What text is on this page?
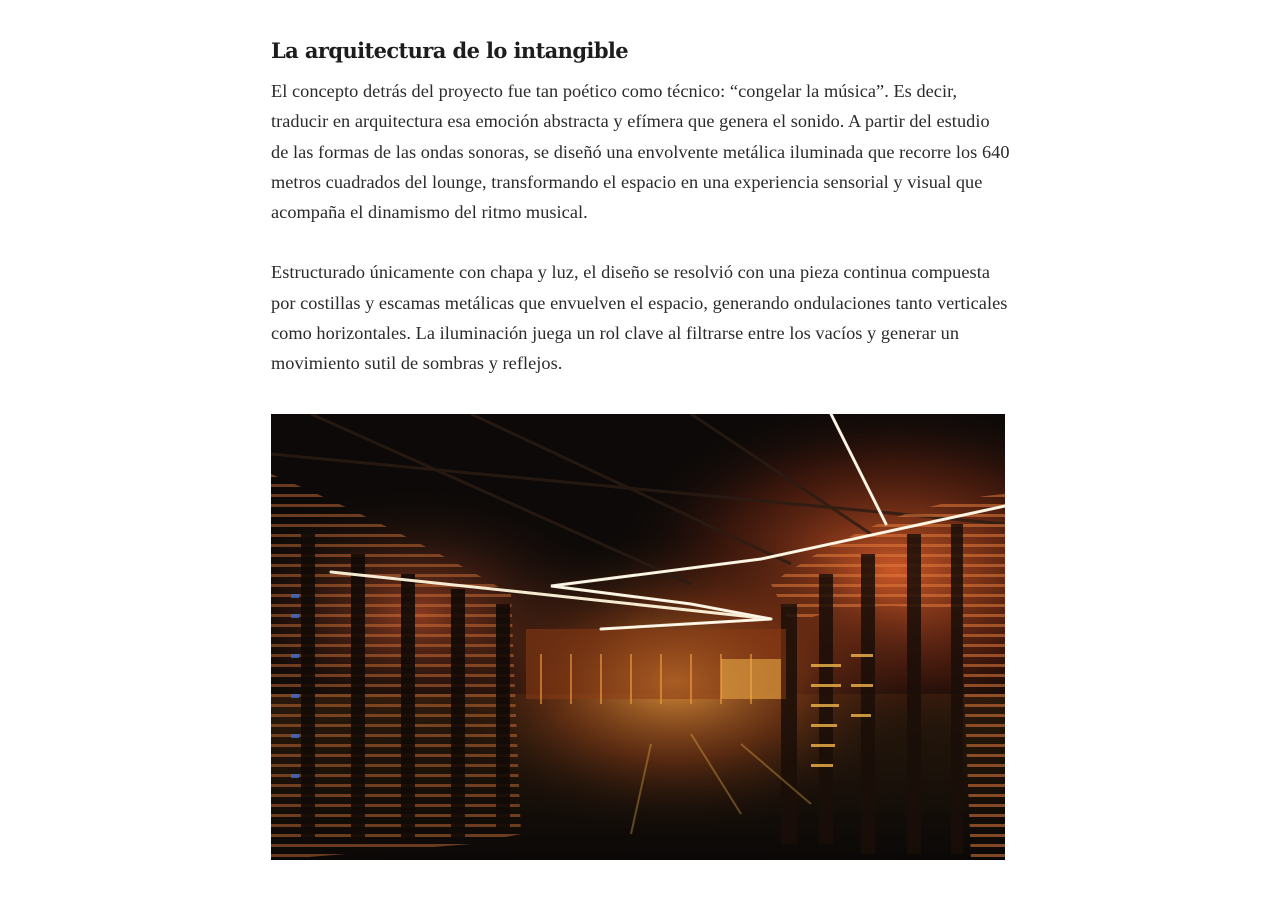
La arquitectura de lo intangible

El concepto detrás del proyecto fue tan poético como técnico: “congelar la música”. Es decir, traducir en arquitectura esa emoción abstracta y efímera que genera el sonido. A partir del estudio de las formas de las ondas sonoras, se diseñó una envolvente metálica iluminada que recorre los 640 metros cuadrados del lounge, transformando el espacio en una experiencia sensorial y visual que acompaña el dinamismo del ritmo musical.

Estructurado únicamente con chapa y luz, el diseño se resolvió con una pieza continua compuesta por costillas y escamas metálicas que envuelven el espacio, generando ondulaciones tanto verticales como horizontales. La iluminación juega un rol clave al filtrarse entre los vacíos y generar un movimiento sutil de sombras y reflejos.
